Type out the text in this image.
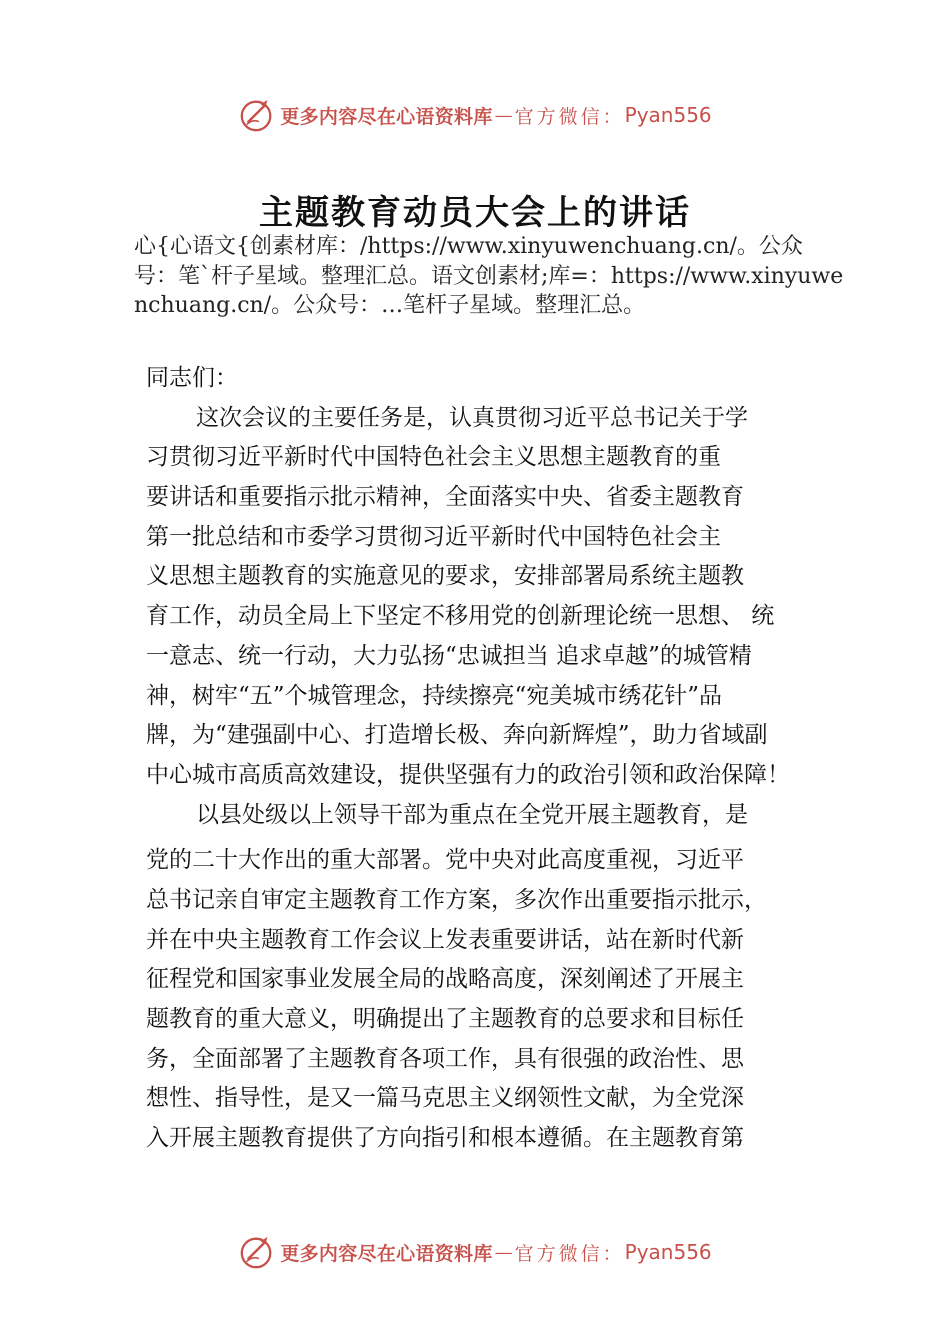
更多内容尽在心语资料库 — 官方微信： Pyan556
主题教育动员大会上的讲话
心{心语文{创素材库：/https://www.xinyuwenchuang.cn/。公众号：笔`杆子星域。整理汇总。语文创素材;库=：https://www.xinyuwenchuang.cn/。公众号：…笔杆子星域。整理汇总。
同志们：
这次会议的主要任务是，认真贯彻习近平总书记关于学
习贯彻习近平新时代中国特色社会主义思想主题教育的重
要讲话和重要指示批示精神，全面落实中央、省委主题教育
第一批总结和市委学习贯彻习近平新时代中国特色社会主
义思想主题教育的实施意见的要求，安排部署局系统主题教
育工作，动员全局上下坚定不移用党的创新理论统一思想、 统
一意志、统一行动，大力弘扬“忠诚担当 追求卓越”的城管精
神，树牢“五”个城管理念，持续擦亮“宛美城市绣花针”品
牌，为“建强副中心、打造增长极、奔向新辉煌”，助力省域副
中心城市高质高效建设，提供坚强有力的政治引领和政治保障！
以县处级以上领导干部为重点在全党开展主题教育，是
党的二十大作出的重大部署。党中央对此高度重视，习近平
总书记亲自审定主题教育工作方案，多次作出重要指示批示，
并在中央主题教育工作会议上发表重要讲话，站在新时代新
征程党和国家事业发展全局的战略高度，深刻阐述了开展主
题教育的重大意义，明确提出了主题教育的总要求和目标任
务，全面部署了主题教育各项工作，具有很强的政治性、思
想性、指导性，是又一篇马克思主义纲领性文献，为全党深
入开展主题教育提供了方向指引和根本遵循。在主题教育第
更多内容尽在心语资料库 — 官方微信： Pyan556
